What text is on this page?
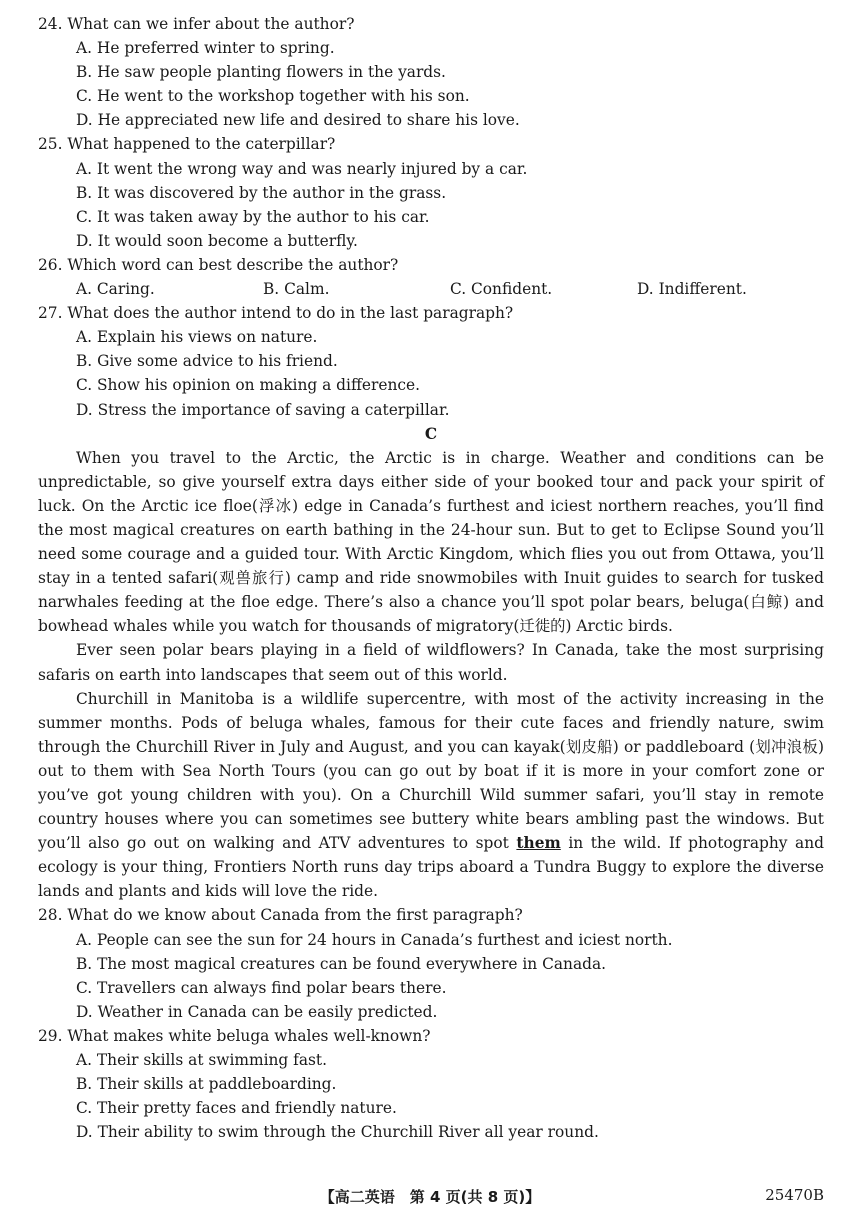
24. What can we infer about the author?
A. He preferred winter to spring.
B. He saw people planting flowers in the yards.
C. He went to the workshop together with his son.
D. He appreciated new life and desired to share his love.
25. What happened to the caterpillar?
A. It went the wrong way and was nearly injured by a car.
B. It was discovered by the author in the grass.
C. It was taken away by the author to his car.
D. It would soon become a butterfly.
26. Which word can best describe the author?
A. Caring.	B. Calm.	C. Confident.	D. Indifferent.
27. What does the author intend to do in the last paragraph?
A. Explain his views on nature.
B. Give some advice to his friend.
C. Show his opinion on making a difference.
D. Stress the importance of saving a caterpillar.
C

When you travel to the Arctic, the Arctic is in charge. Weather and conditions can be unpredictable, so give yourself extra days either side of your booked tour and pack your spirit of luck. On the Arctic ice floe(浮冰) edge in Canada’s furthest and iciest northern reaches, you’ll find the most magical creatures on earth bathing in the 24-hour sun. But to get to Eclipse Sound you’ll need some courage and a guided tour. With Arctic Kingdom, which flies you out from Ottawa, you’ll stay in a tented safari(观兽旅行) camp and ride snowmobiles with Inuit guides to search for tusked narwhales feeding at the floe edge. There’s also a chance you’ll spot polar bears, beluga(白鲸) and bowhead whales while you watch for thousands of migratory(迁徙的) Arctic birds.

Ever seen polar bears playing in a field of wildflowers? In Canada, take the most surprising safaris on earth into landscapes that seem out of this world.

Churchill in Manitoba is a wildlife supercentre, with most of the activity increasing in the summer months. Pods of beluga whales, famous for their cute faces and friendly nature, swim through the Churchill River in July and August, and you can kayak(划皮船) or paddleboard (划冲浪板) out to them with Sea North Tours (you can go out by boat if it is more in your comfort zone or you’ve got young children with you). On a Churchill Wild summer safari, you’ll stay in remote country houses where you can sometimes see buttery white bears ambling past the windows. But you’ll also go out on walking and ATV adventures to spot them in the wild. If photography and ecology is your thing, Frontiers North runs day trips aboard a Tundra Buggy to explore the diverse lands and plants and kids will love the ride.

28. What do we know about Canada from the first paragraph?
A. People can see the sun for 24 hours in Canada’s furthest and iciest north.
B. The most magical creatures can be found everywhere in Canada.
C. Travellers can always find polar bears there.
D. Weather in Canada can be easily predicted.
29. What makes white beluga whales well-known?
A. Their skills at swimming fast.
B. Their skills at paddleboarding.
C. Their pretty faces and friendly nature.
D. Their ability to swim through the Churchill River all year round.
【高二英语　第 4 页(共 8 页)】	25470B
